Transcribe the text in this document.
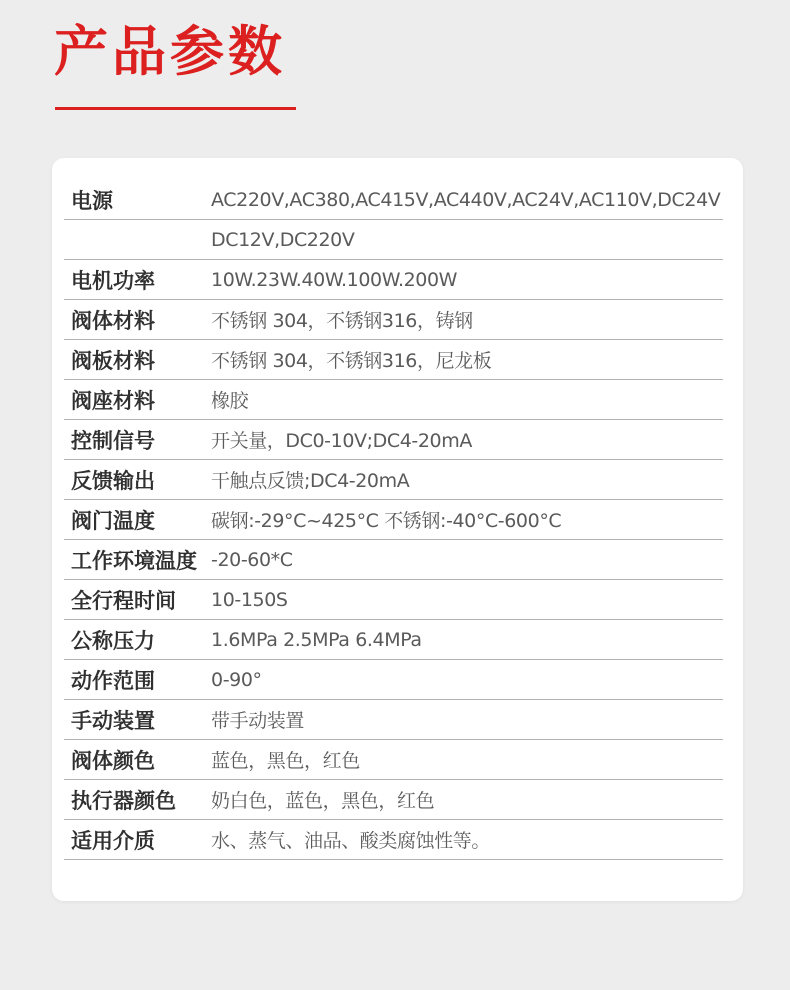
产品参数
电源	AC220V,AC380,AC415V,AC440V,AC24V,AC110V,DC24V
DC12V,DC220V
电机功率	10W.23W.40W.100W.200W
阀体材料	不锈钢 304，不锈钢316，铸钢
阀板材料	不锈钢 304，不锈钢316，尼龙板
阀座材料	橡胶
控制信号	开关量，DC0-10V;DC4-20mA
反馈输出	干触点反馈;DC4-20mA
阀门温度	碳钢:-29°C~425°C 不锈钢:-40°C-600°C
工作环境温度 -20-60*C
全行程时间	10-150S
公称压力	1.6MPa 2.5MPa 6.4MPa
动作范围	0-90°
手动装置	带手动装置
阀体颜色	蓝色，黑色，红色
执行器颜色	奶白色，蓝色，黑色，红色
适用介质	水、蒸气、油品、酸类腐蚀性等。
